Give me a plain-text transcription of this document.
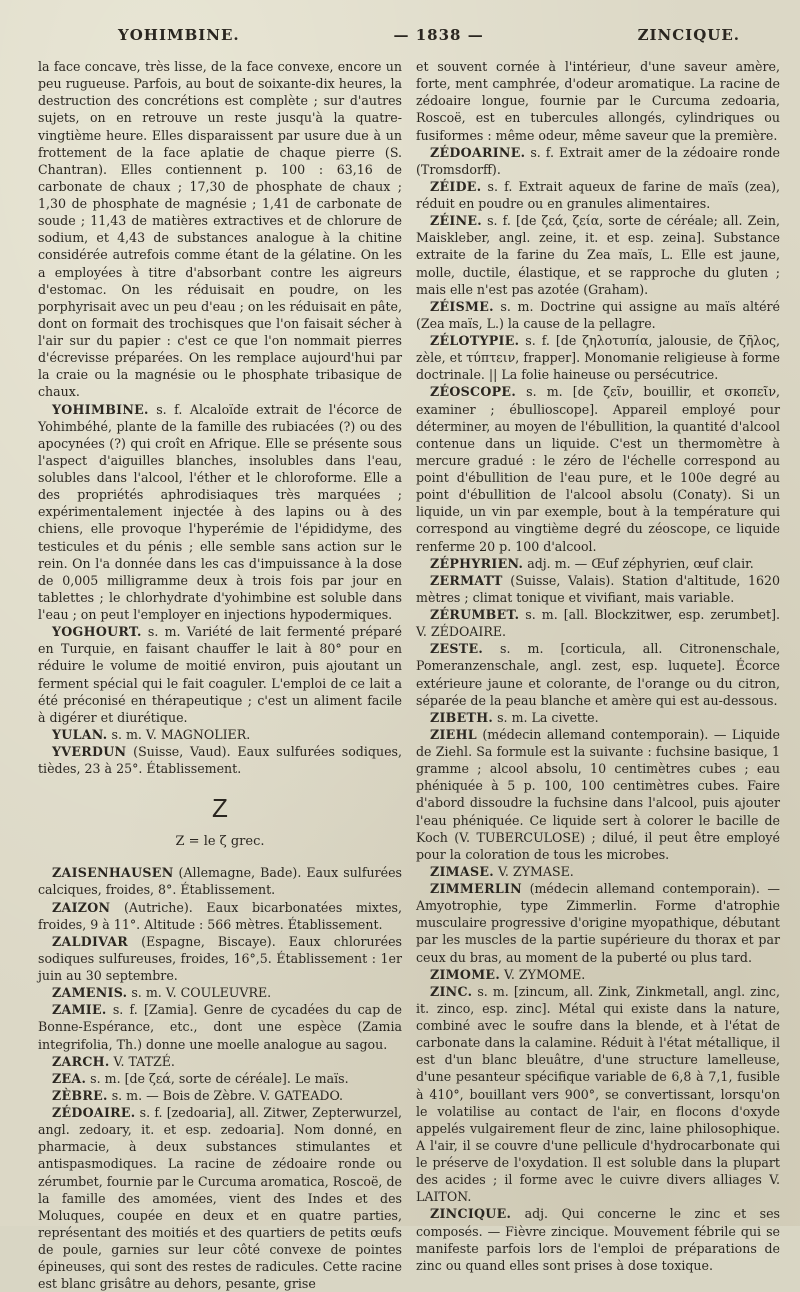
YOHIMBINE.	— 1838 —	ZINCIQUE.

la face concave, très lisse, de la face convexe, encore un peu rugueuse. Parfois, au bout de soixante-dix heures, la destruction des concrétions est complète ; sur d'autres sujets, on en retrouve un reste jusqu'à la quatre-vingtième heure. Elles disparaissent par usure due à un frottement de la face aplatie de chaque pierre (S. Chantran). Elles contiennent p. 100 : 63,16 de carbonate de chaux ; 17,30 de phosphate de chaux ; 1,30 de phosphate de magnésie ; 1,41 de carbonate de soude ; 11,43 de matières extractives et de chlorure de sodium, et 4,43 de substances analogue à la chitine considérée autrefois comme étant de la gélatine. On les a employées à titre d'absorbant contre les aigreurs d'estomac. On les réduisait en poudre, on les porphyrisait avec un peu d'eau ; on les réduisait en pâte, dont on formait des trochisques que l'on faisait sécher à l'air sur du papier : c'est ce que l'on nommait pierres d'écrevisse préparées. On les remplace aujourd'hui par la craie ou la magnésie ou le phosphate tribasique de chaux.

YOHIMBINE. s. f. Alcaloïde extrait de l'écorce de Yohimbéhé, plante de la famille des rubiacées (?) ou des apocynées (?) qui croît en Afrique. Elle se présente sous l'aspect d'aiguilles blanches, insolubles dans l'eau, solubles dans l'alcool, l'éther et le chloroforme. Elle a des propriétés aphrodisiaques très marquées ; expérimentalement injectée à des lapins ou à des chiens, elle provoque l'hyperémie de l'épididyme, des testicules et du pénis ; elle semble sans action sur le rein. On l'a donnée dans les cas d'impuissance à la dose de 0,005 milligramme deux à trois fois par jour en tablettes ; le chlorhydrate d'yohimbine est soluble dans l'eau ; on peut l'employer en injections hypodermiques.

YOGHOURT. s. m. Variété de lait fermenté préparé en Turquie, en faisant chauffer le lait à 80° pour en réduire le volume de moitié environ, puis ajoutant un ferment spécial qui le fait coaguler. L'emploi de ce lait a été préconisé en thérapeutique ; c'est un aliment facile à digérer et diurétique.

YULAN. s. m. V. MAGNOLIER.

YVERDUN (Suisse, Vaud). Eaux sulfurées sodiques, tièdes, 23 à 25°. Établissement.

Z
Z = le ζ grec.

ZAISENHAUSEN (Allemagne, Bade). Eaux sulfurées calciques, froides, 8°. Établissement.

ZAIZON (Autriche). Eaux bicarbonatées mixtes, froides, 9 à 11°. Altitude : 566 mètres. Établissement.

ZALDIVAR (Espagne, Biscaye). Eaux chlorurées sodiques sulfureuses, froides, 16°,5. Établissement : 1er juin au 30 septembre.

ZAMENIS. s. m. V. COULEUVRE.

ZAMIE. s. f. [Zamia]. Genre de cycadées du cap de Bonne-Espérance, etc., dont une espèce (Zamia integrifolia, Th.) donne une moelle analogue au sagou.

ZARCH. V. TATZÉ.

ZEA. s. m. [de ζεά, sorte de céréale]. Le maïs.

ZÈBRE. s. m. — Bois de Zèbre. V. GATEADO.

ZÉDOAIRE. s. f. [zedoaria], all. Zitwer, Zepterwurzel, angl. zedoary, it. et esp. zedoaria]. Nom donné, en pharmacie, à deux substances stimulantes et antispasmodiques. La racine de zédoaire ronde ou zérumbet, fournie par le Curcuma aromatica, Roscoë, de la famille des amomées, vient des Indes et des Moluques, coupée en deux et en quatre parties, représentant des moitiés et des quartiers de petits œufs de poule, garnies sur leur côté convexe de pointes épineuses, qui sont des restes de radicules. Cette racine est blanc grisâtre au dehors, pesante, grise

et souvent cornée à l'intérieur, d'une saveur amère, forte, ment camphrée, d'odeur aromatique. La racine de zédoaire longue, fournie par le Curcuma zedoaria, Roscoë, est en tubercules allongés, cylindriques ou fusiformes : même odeur, même saveur que la première.

ZÉDOARINE. s. f. Extrait amer de la zédoaire ronde (Tromsdorff).

ZÉIDE. s. f. Extrait aqueux de farine de maïs (zea), réduit en poudre ou en granules alimentaires.

ZÉINE. s. f. [de ζεά, ζεία, sorte de céréale; all. Zein, Maiskleber, angl. zeine, it. et esp. zeina]. Substance extraite de la farine du Zea maïs, L. Elle est jaune, molle, ductile, élastique, et se rapproche du gluten ; mais elle n'est pas azotée (Graham).

ZÉISME. s. m. Doctrine qui assigne au maïs altéré (Zea maïs, L.) la cause de la pellagre.

ZÉLOTYPIE. s. f. [de ζηλοτυπία, jalousie, de ζῆλος, zèle, et τύπτειν, frapper]. Monomanie religieuse à forme doctrinale. || La folie haineuse ou persécutrice.

ZÉOSCOPE. s. m. [de ζεῖν, bouillir, et σκοπεῖν, examiner ; ébullioscope]. Appareil employé pour déterminer, au moyen de l'ébullition, la quantité d'alcool contenue dans un liquide. C'est un thermomètre à mercure gradué : le zéro de l'échelle correspond au point d'ébullition de l'eau pure, et le 100e degré au point d'ébullition de l'alcool absolu (Conaty). Si un liquide, un vin par exemple, bout à la température qui correspond au vingtième degré du zéoscope, ce liquide renferme 20 p. 100 d'alcool.

ZÉPHYRIEN. adj. m. — Œuf zéphyrien, œuf clair.

ZERMATT (Suisse, Valais). Station d'altitude, 1620 mètres ; climat tonique et vivifiant, mais variable.

ZÉRUMBET. s. m. [all. Blockzitwer, esp. zerumbet]. V. ZÉDOAIRE.

ZESTE. s. m. [corticula, all. Citronenschale, Pomeranzenschale, angl. zest, esp. luquete]. Écorce extérieure jaune et colorante, de l'orange ou du citron, séparée de la peau blanche et amère qui est au-dessous.

ZIBETH. s. m. La civette.

ZIEHL (médecin allemand contemporain). — Liquide de Ziehl. Sa formule est la suivante : fuchsine basique, 1 gramme ; alcool absolu, 10 centimètres cubes ; eau phéniquée à 5 p. 100, 100 centimètres cubes. Faire d'abord dissoudre la fuchsine dans l'alcool, puis ajouter l'eau phéniquée. Ce liquide sert à colorer le bacille de Koch (V. TUBERCULOSE) ; dilué, il peut être employé pour la coloration de tous les microbes.

ZIMASE. V. ZYMASE.

ZIMMERLIN (médecin allemand contemporain). — Amyotrophie, type Zimmerlin. Forme d'atrophie musculaire progressive d'origine myopathique, débutant par les muscles de la partie supérieure du thorax et par ceux du bras, au moment de la puberté ou plus tard.

ZIMOME. V. ZYMOME.

ZINC. s. m. [zincum, all. Zink, Zinkmetall, angl. zinc, it. zinco, esp. zinc]. Métal qui existe dans la nature, combiné avec le soufre dans la blende, et à l'état de carbonate dans la calamine. Réduit à l'état métallique, il est d'un blanc bleuâtre, d'une structure lamelleuse, d'une pesanteur spécifique variable de 6,8 à 7,1, fusible à 410°, bouillant vers 900°, se convertissant, lorsqu'on le volatilise au contact de l'air, en flocons d'oxyde appelés vulgairement fleur de zinc, laine philosophique. A l'air, il se couvre d'une pellicule d'hydrocarbonate qui le préserve de l'oxydation. Il est soluble dans la plupart des acides ; il forme avec le cuivre divers alliages V. LAITON.

ZINCIQUE. adj. Qui concerne le zinc et ses composés. — Fièvre zincique. Mouvement fébrile qui se manifeste parfois lors de l'emploi de préparations de zinc ou quand elles sont prises à dose toxique.
